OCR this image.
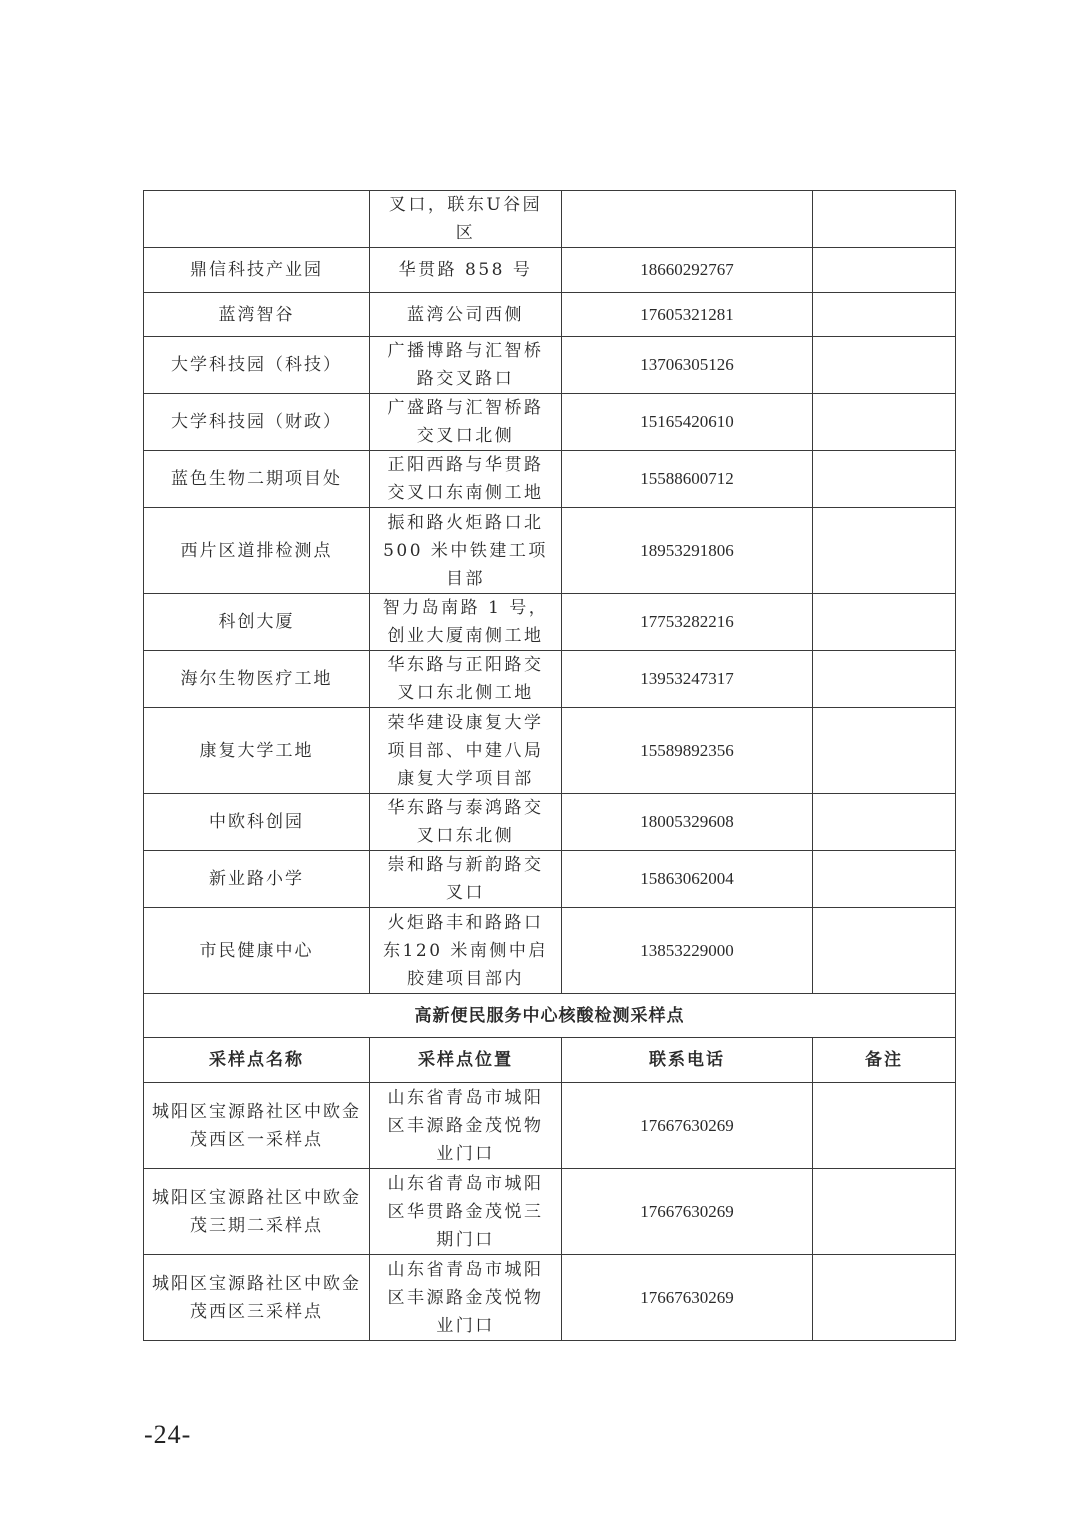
	叉口，联东U谷园区		
鼎信科技产业园	华贯路 858 号	18660292767	
蓝湾智谷	蓝湾公司西侧	17605321281	
大学科技园（科技）	广播博路与汇智桥路交叉路口	13706305126	
大学科技园（财政）	广盛路与汇智桥路交叉口北侧	15165420610	
蓝色生物二期项目处	正阳西路与华贯路交叉口东南侧工地	15588600712	
西片区道排检测点	振和路火炬路口北500 米中铁建工项目部	18953291806	
科创大厦	智力岛南路 1 号，创业大厦南侧工地	17753282216	
海尔生物医疗工地	华东路与正阳路交叉口东北侧工地	13953247317	
康复大学工地	荣华建设康复大学项目部、中建八局康复大学项目部	15589892356	
中欧科创园	华东路与泰鸿路交叉口东北侧	18005329608	
新业路小学	崇和路与新韵路交叉口	15863062004	
市民健康中心	火炬路丰和路路口东120 米南侧中启胶建项目部内	13853229000	
高新便民服务中心核酸检测采样点			
采样点名称	采样点位置	联系电话	备注
城阳区宝源路社区中欧金茂西区一采样点	山东省青岛市城阳区丰源路金茂悦物业门口	17667630269	
城阳区宝源路社区中欧金茂三期二采样点	山东省青岛市城阳区华贯路金茂悦三期门口	17667630269	
城阳区宝源路社区中欧金茂西区三采样点	山东省青岛市城阳区丰源路金茂悦物业门口	17667630269	
-24-
